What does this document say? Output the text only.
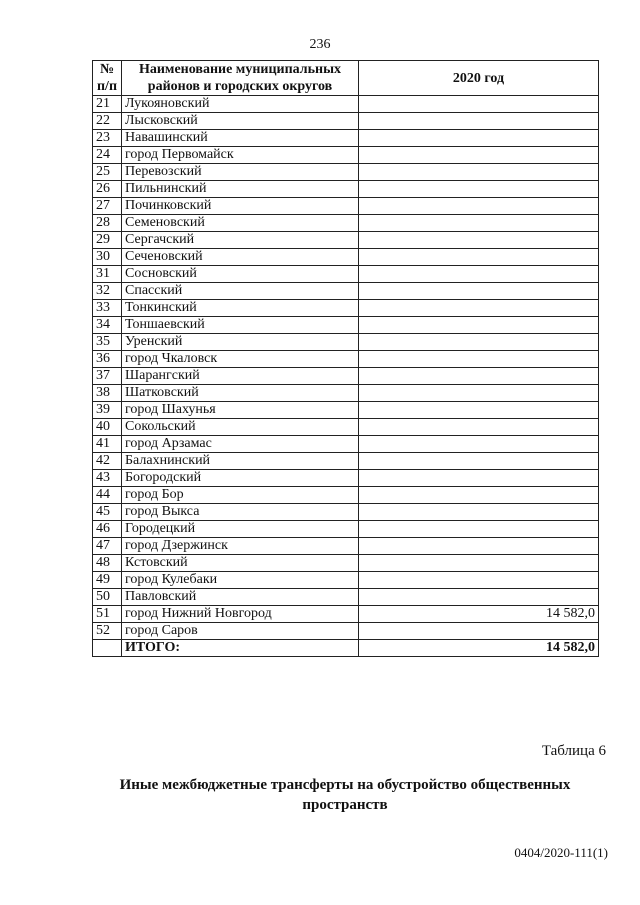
236
№ п/п	Наименование муниципальных районов и городских округов	2020 год
21	Лукояновский	
22	Лысковский	
23	Навашинский	
24	город Первомайск	
25	Перевозский	
26	Пильнинский	
27	Починковский	
28	Семеновский	
29	Сергачский	
30	Сеченовский	
31	Сосновский	
32	Спасский	
33	Тонкинский	
34	Тоншаевский	
35	Уренский	
36	город Чкаловск	
37	Шарангский	
38	Шатковский	
39	город Шахунья	
40	Сокольский	
41	город Арзамас	
42	Балахнинский	
43	Богородский	
44	город Бор	
45	город Выкса	
46	Городецкий	
47	город Дзержинск	
48	Кстовский	
49	город Кулебаки	
50	Павловский	
51	город Нижний Новгород	14 582,0
52	город Саров	
	ИТОГО:	14 582,0
Таблица 6
Иные межбюджетные трансферты на обустройство общественных пространств
0404/2020-111(1)
